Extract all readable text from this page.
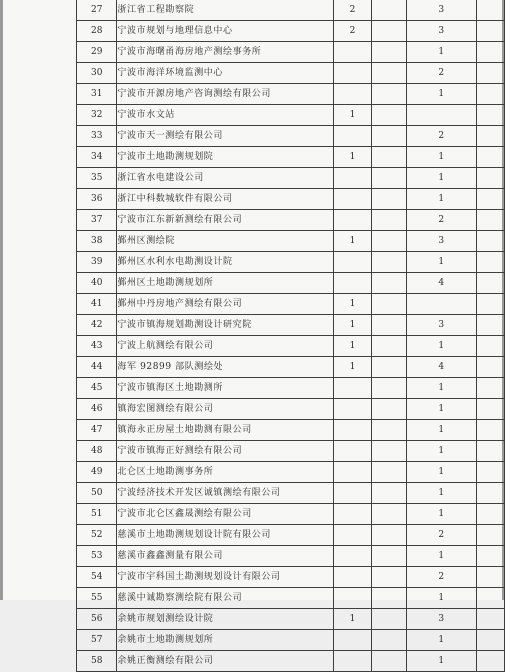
27	浙江省工程勘察院	2		3	
28	宁波市规划与地理信息中心	2		3	
29	宁波市海曙甬海房地产测绘事务所			1	
30	宁波市海洋环境监测中心			2	
31	宁波市开源房地产咨询测绘有限公司			1	
32	宁波市水文站	1			
33	宁波市天一测绘有限公司			2	
34	宁波市土地勘测规划院	1		1	
35	浙江省水电建设公司			1	
36	浙江中科数城软件有限公司			1	
37	宁波市江东新新测绘有限公司			2	
38	鄞州区测绘院	1		3	
39	鄞州区水利水电勘测设计院			1	
40	鄞州区土地勘测规划所			4	
41	鄞州中丹房地产测绘有限公司	1			
42	宁波市镇海规划勘测设计研究院	1		3	
43	宁波上航测绘有限公司	1		1	
44	海军 92899 部队测绘处	1		4	
45	宁波市镇海区土地勘测所			1	
46	镇海宏图测绘有限公司			1	
47	镇海永正房屋土地勘测有限公司			1	
48	宁波市镇海正好测绘有限公司			1	
49	北仑区土地勘测事务所			1	
50	宁波经济技术开发区诚镇测绘有限公司			1	
51	宁波市北仑区鑫晟测绘有限公司			1	
52	慈溪市土地勘测规划设计院有限公司			2	
53	慈溪市鑫鑫测量有限公司			1	
54	宁波市宇科国土勘测规划设计有限公司			2	
55	慈溪中诚勘察测绘院有限公司			1	
56	余姚市规划测绘设计院	1		3	
57	余姚市土地勘测规划所			1	
58	余姚正衡测绘有限公司			1	
